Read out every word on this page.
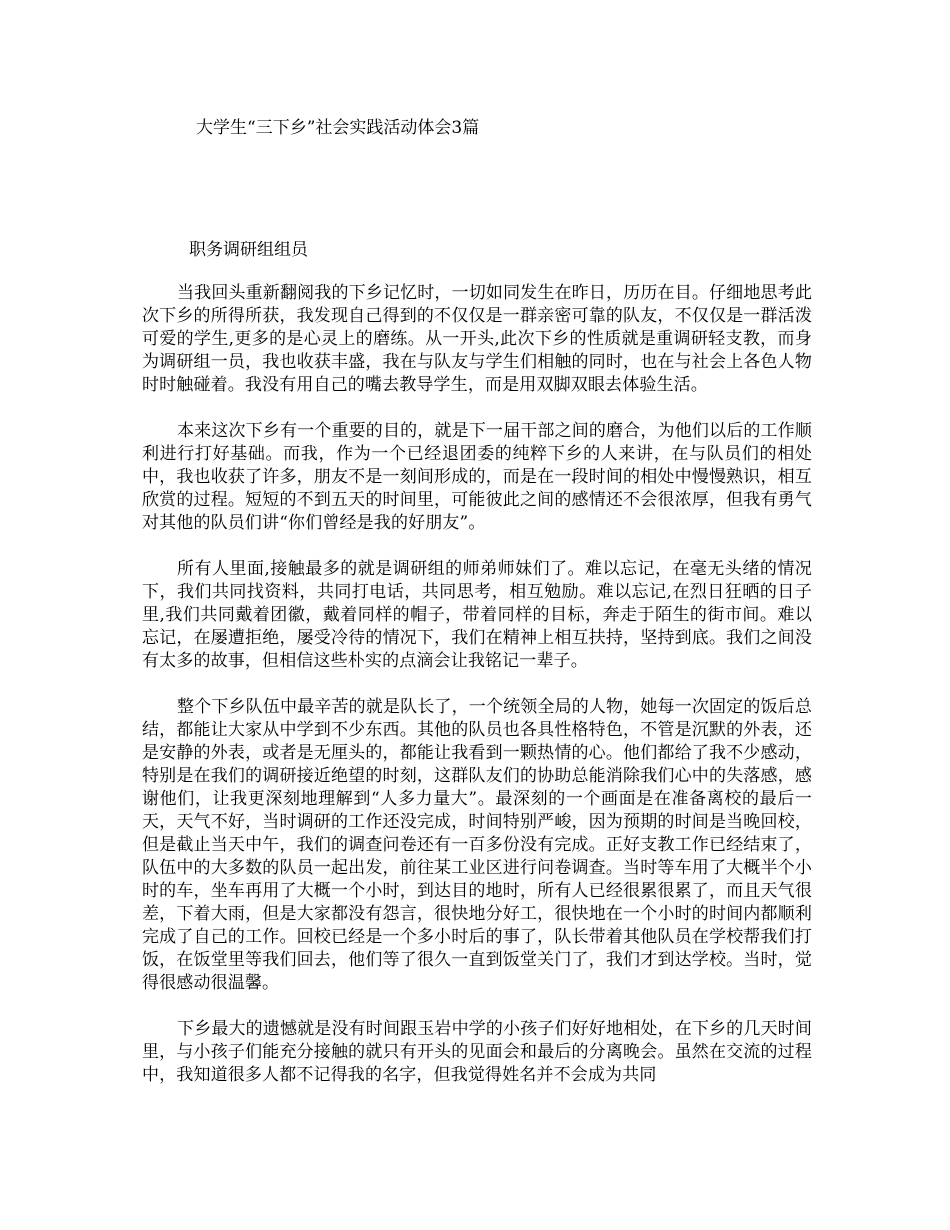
大学生“三下乡”社会实践活动体会3篇

职务调研组组员

当我回头重新翻阅我的下乡记忆时，一切如同发生在昨日，历历在目。仔细地思考此次下乡的所得所获，我发现自己得到的不仅仅是一群亲密可靠的队友，不仅仅是一群活泼可爱的学生,更多的是心灵上的磨练。从一开头,此次下乡的性质就是重调研轻支教，而身为调研组一员，我也收获丰盛，我在与队友与学生们相触的同时，也在与社会上各色人物时时触碰着。我没有用自己的嘴去教导学生，而是用双脚双眼去体验生活。

本来这次下乡有一个重要的目的，就是下一届干部之间的磨合，为他们以后的工作顺利进行打好基础。而我，作为一个已经退团委的纯粹下乡的人来讲，在与队员们的相处中，我也收获了许多，朋友不是一刻间形成的，而是在一段时间的相处中慢慢熟识，相互欣赏的过程。短短的不到五天的时间里，可能彼此之间的感情还不会很浓厚，但我有勇气对其他的队员们讲“你们曾经是我的好朋友”。

所有人里面,接触最多的就是调研组的师弟师妹们了。难以忘记，在毫无头绪的情况下，我们共同找资料，共同打电话，共同思考，相互勉励。难以忘记,在烈日狂晒的日子里,我们共同戴着团徽，戴着同样的帽子，带着同样的目标，奔走于陌生的街市间。难以忘记，在屡遭拒绝，屡受冷待的情况下，我们在精神上相互扶持，坚持到底。我们之间没有太多的故事，但相信这些朴实的点滴会让我铭记一辈子。

整个下乡队伍中最辛苦的就是队长了，一个统领全局的人物，她每一次固定的饭后总结，都能让大家从中学到不少东西。其他的队员也各具性格特色，不管是沉默的外表，还是安静的外表，或者是无厘头的，都能让我看到一颗热情的心。他们都给了我不少感动，特别是在我们的调研接近绝望的时刻，这群队友们的协助总能消除我们心中的失落感，感谢他们，让我更深刻地理解到“人多力量大”。最深刻的一个画面是在准备离校的最后一天，天气不好，当时调研的工作还没完成，时间特别严峻，因为预期的时间是当晚回校，但是截止当天中午，我们的调查问卷还有一百多份没有完成。正好支教工作已经结束了，队伍中的大多数的队员一起出发，前往某工业区进行问卷调查。当时等车用了大概半个小时的车，坐车再用了大概一个小时，到达目的地时，所有人已经很累很累了，而且天气很差，下着大雨，但是大家都没有怨言，很快地分好工，很快地在一个小时的时间内都顺利完成了自己的工作。回校已经是一个多小时后的事了，队长带着其他队员在学校帮我们打饭，在饭堂里等我们回去，他们等了很久一直到饭堂关门了，我们才到达学校。当时，觉得很感动很温馨。

下乡最大的遗憾就是没有时间跟玉岩中学的小孩子们好好地相处，在下乡的几天时间里，与小孩子们能充分接触的就只有开头的见面会和最后的分离晚会。虽然在交流的过程中，我知道很多人都不记得我的名字，但我觉得姓名并不会成为共同
